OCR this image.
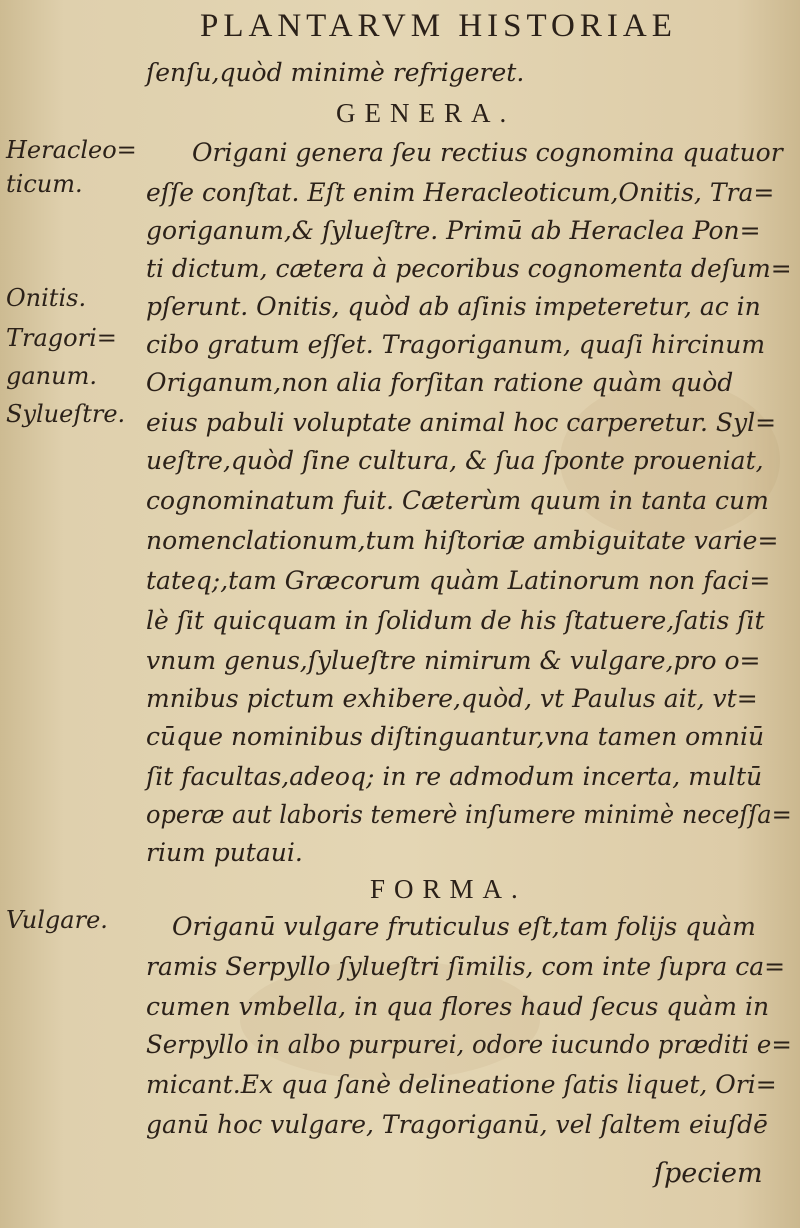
PLANTARVM HISTORIAE
ſenſu,quòd minimè refrigeret.
GENERA.
Heracleo=
ticum.
Onitis.
Tragori=
ganum.
Sylueſtre.
Vulgare.
Origani genera ſeu rectius cognomina quatuor
eſſe conſtat. Eſt enim Heracleoticum,Onitis, Tra=
goriganum,& ſylueſtre. Primū ab Heraclea Pon=
ti dictum, cætera à pecoribus cognomenta deſum=
pſerunt. Onitis, quòd ab aſinis impeteretur, ac in
cibo gratum eſſet. Tragoriganum, quaſi hircinum
Origanum,non alia forſitan ratione quàm quòd
eius pabuli voluptate animal hoc carperetur. Syl=
ueſtre,quòd ſine cultura, & ſua ſponte proueniat,
cognominatum fuit. Cæterùm quum in tanta cum
nomenclationum,tum hiſtoriæ ambiguitate varie=
tateq;,tam Græcorum quàm Latinorum non faci=
lè ſit quicquam in ſolidum de his ſtatuere,ſatis ſit
vnum genus,ſylueſtre nimirum & vulgare,pro o=
mnibus pictum exhibere,quòd, vt Paulus ait, vt=
cūque nominibus diſtinguantur,vna tamen omniū
ſit facultas,adeoq; in re admodum incerta, multū
operæ aut laboris temerè inſumere minimè neceſſa=
rium putaui.
FORMA.
Origanū vulgare fruticulus eſt,tam folijs quàm
ramis Serpyllo ſylueſtri ſimilis, com inte ſupra ca=
cumen vmbella, in qua flores haud ſecus quàm in
Serpyllo in albo purpurei, odore iucundo præditi e=
micant.Ex qua ſanè delineatione ſatis liquet, Ori=
ganū hoc vulgare, Tragoriganū, vel ſaltem eiuſdē
ſpeciem
